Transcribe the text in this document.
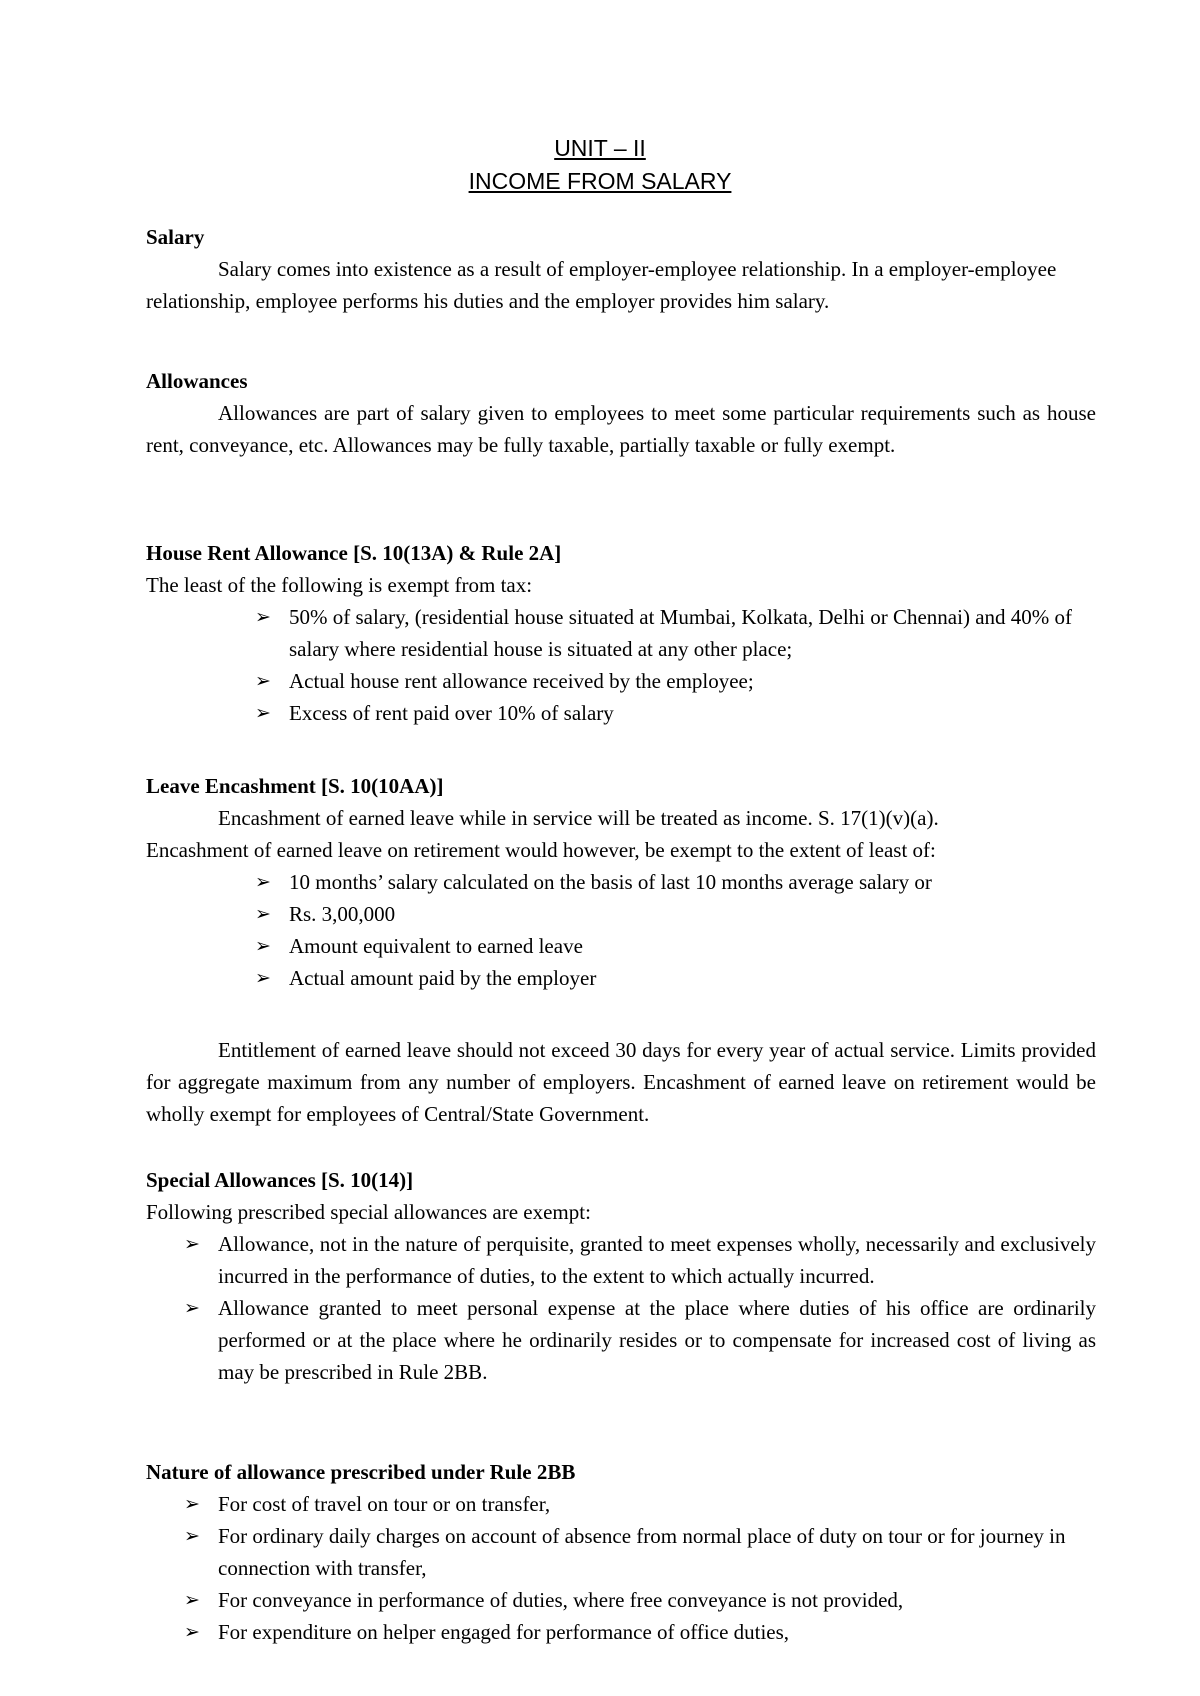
UNIT – II
INCOME FROM SALARY
Salary

Salary comes into existence as a result of employer-employee relationship. In a employer-employee relationship, employee performs his duties and the employer provides him salary.

Allowances

Allowances are part of salary given to employees to meet some particular requirements such as house rent, conveyance, etc. Allowances may be fully taxable, partially taxable or fully exempt.

House Rent Allowance [S. 10(13A) & Rule 2A]
The least of the following is exempt from tax:
➢ 50% of salary, (residential house situated at Mumbai, Kolkata, Delhi or Chennai) and 40% of salary where residential house is situated at any other place;
➢ Actual house rent allowance received by the employee;
➢ Excess of rent paid over 10% of salary
Leave Encashment [S. 10(10AA)]
Encashment of earned leave while in service will be treated as income. S. 17(1)(v)(a).
Encashment of earned leave on retirement would however, be exempt to the extent of least of:
➢ 10 months’ salary calculated on the basis of last 10 months average salary or
➢ Rs. 3,00,000
➢ Amount equivalent to earned leave
➢ Actual amount paid by the employer

Entitlement of earned leave should not exceed 30 days for every year of actual service. Limits provided for aggregate maximum from any number of employers. Encashment of earned leave on retirement would be wholly exempt for employees of Central/State Government.

Special Allowances [S. 10(14)]
Following prescribed special allowances are exempt:
➢ Allowance, not in the nature of perquisite, granted to meet expenses wholly, necessarily and exclusively incurred in the performance of duties, to the extent to which actually incurred.
➢ Allowance granted to meet personal expense at the place where duties of his office are ordinarily performed or at the place where he ordinarily resides or to compensate for increased cost of living as may be prescribed in Rule 2BB.
Nature of allowance prescribed under Rule 2BB
➢ For cost of travel on tour or on transfer,
➢ For ordinary daily charges on account of absence from normal place of duty on tour or for journey in connection with transfer,
➢ For conveyance in performance of duties, where free conveyance is not provided,
➢ For expenditure on helper engaged for performance of office duties,
